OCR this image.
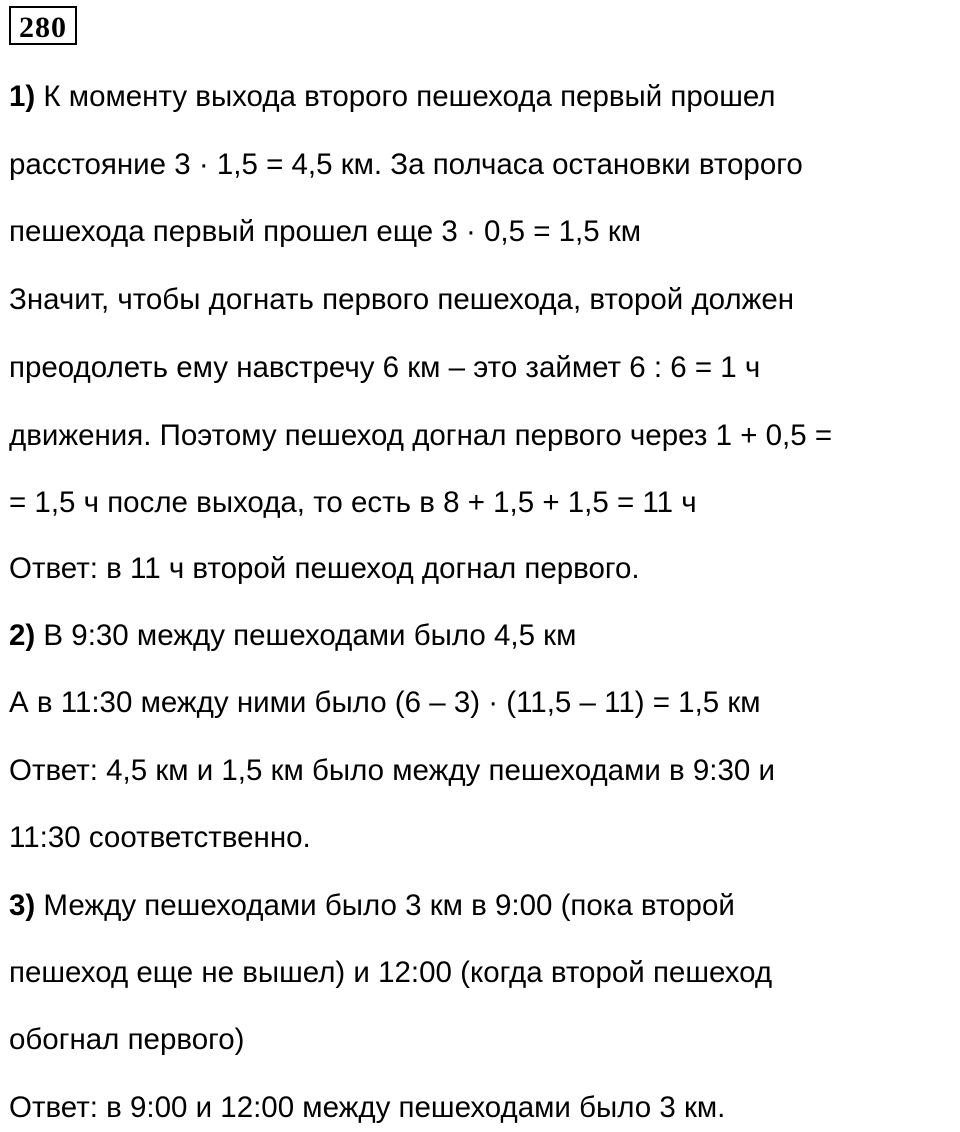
280
1) К моменту выхода второго пешехода первый прошел
расстояние 3 · 1,5 = 4,5 км. За полчаса остановки второго
пешехода первый прошел еще 3 · 0,5 = 1,5 км
Значит, чтобы догнать первого пешехода, второй должен
преодолеть ему навстречу 6 км – это займет 6 : 6 = 1 ч
движения. Поэтому пешеход догнал первого через 1 + 0,5 =
= 1,5 ч после выхода, то есть в 8 + 1,5 + 1,5 = 11 ч
Ответ: в 11 ч второй пешеход догнал первого.
2) В 9:30 между пешеходами было 4,5 км
А в 11:30 между ними было (6 – 3) · (11,5 – 11) = 1,5 км
Ответ: 4,5 км и 1,5 км было между пешеходами в 9:30 и
11:30 соответственно.
3) Между пешеходами было 3 км в 9:00 (пока второй
пешеход еще не вышел) и 12:00 (когда второй пешеход
обогнал первого)
Ответ: в 9:00 и 12:00 между пешеходами было 3 км.
